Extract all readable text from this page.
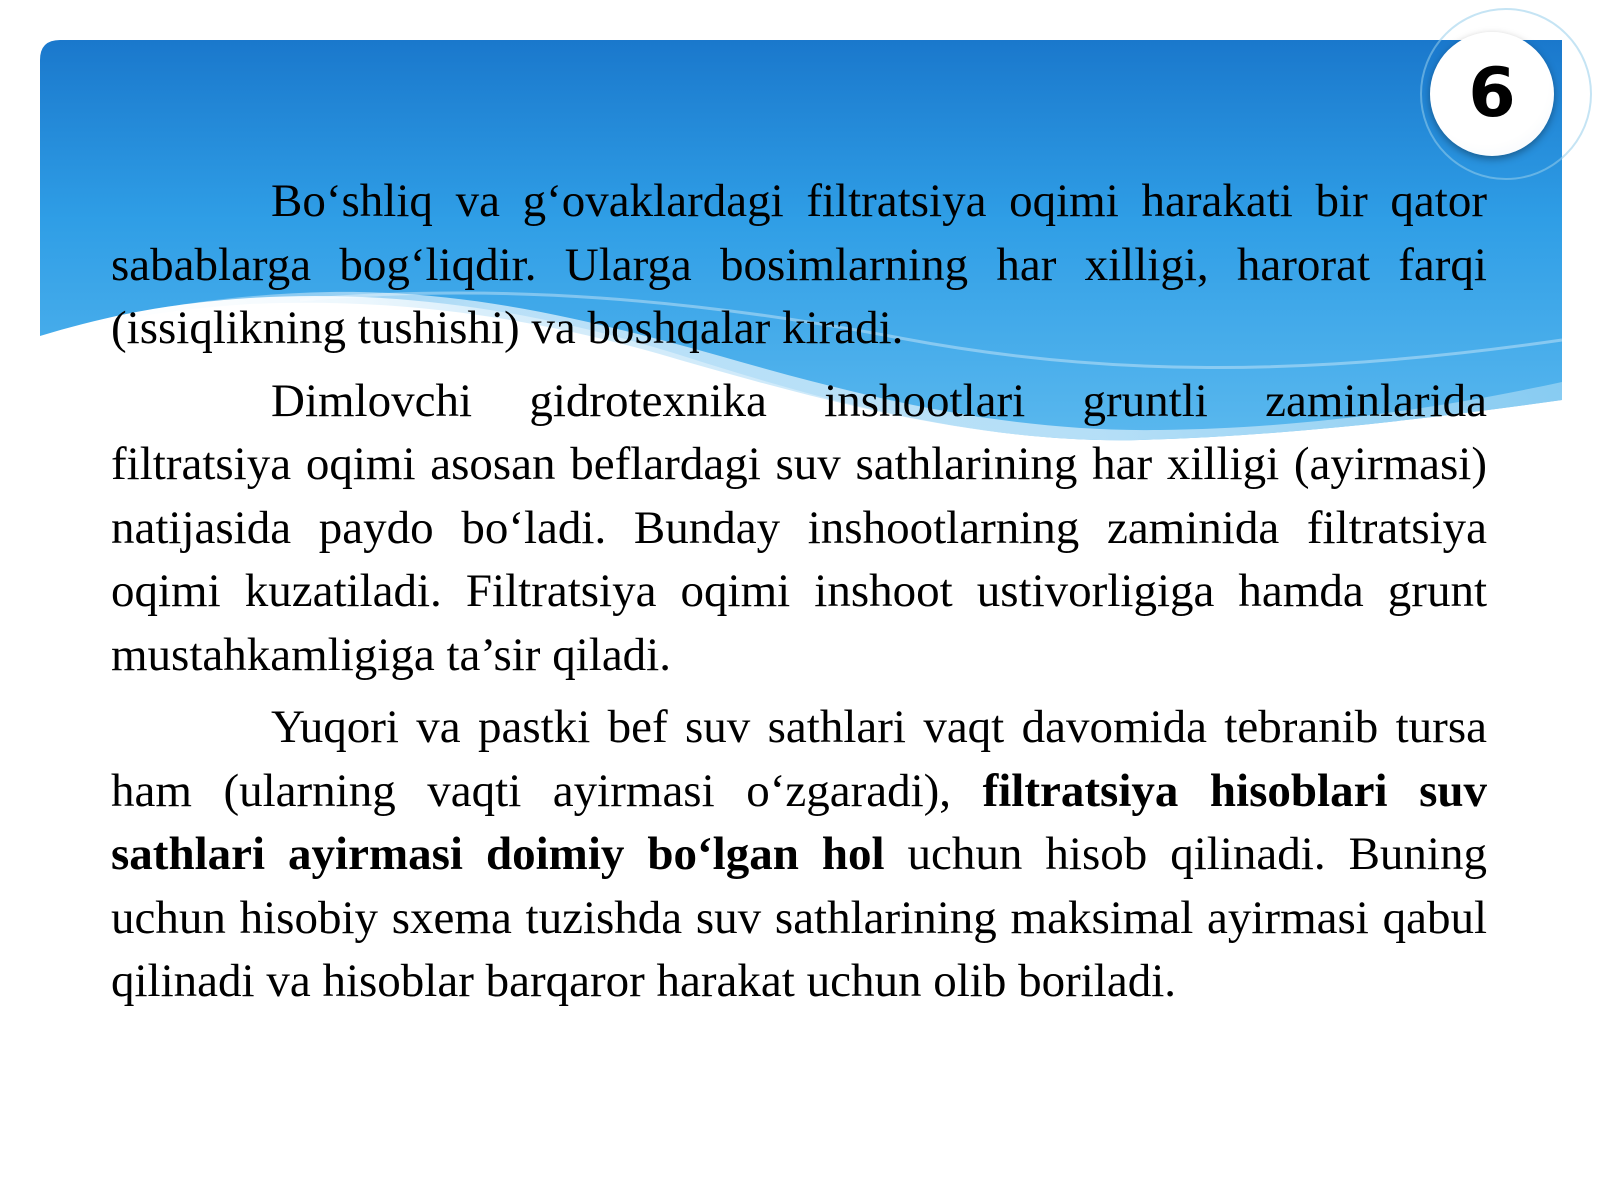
6

Bo‘shliq va g‘ovaklardagi filtratsiya oqimi harakati bir qator sabablarga bog‘liqdir. Ularga bosimlarning har xilligi, harorat farqi (issiqlikning tushishi) va boshqalar kiradi.

Dimlovchi gidrotexnika inshootlari gruntli zaminlarida filtratsiya oqimi asosan beflardagi suv sathlarining har xilligi (ayirmasi) natijasida paydo bo‘ladi. Bunday inshootlarning zaminida filtratsiya oqimi kuzatiladi. Filtratsiya oqimi inshoot ustivorligiga hamda grunt mustahkamligiga ta’sir qiladi.

Yuqori va pastki bef suv sathlari vaqt davomida tebranib tursa ham (ularning vaqti ayirmasi o‘zgaradi), filtratsiya hisoblari suv sathlari ayirmasi doimiy bo‘lgan hol uchun hisob qilinadi. Buning uchun hisobiy sxema tuzishda suv sathlarining maksimal ayirmasi qabul qilinadi va hisoblar barqaror harakat uchun olib boriladi.
